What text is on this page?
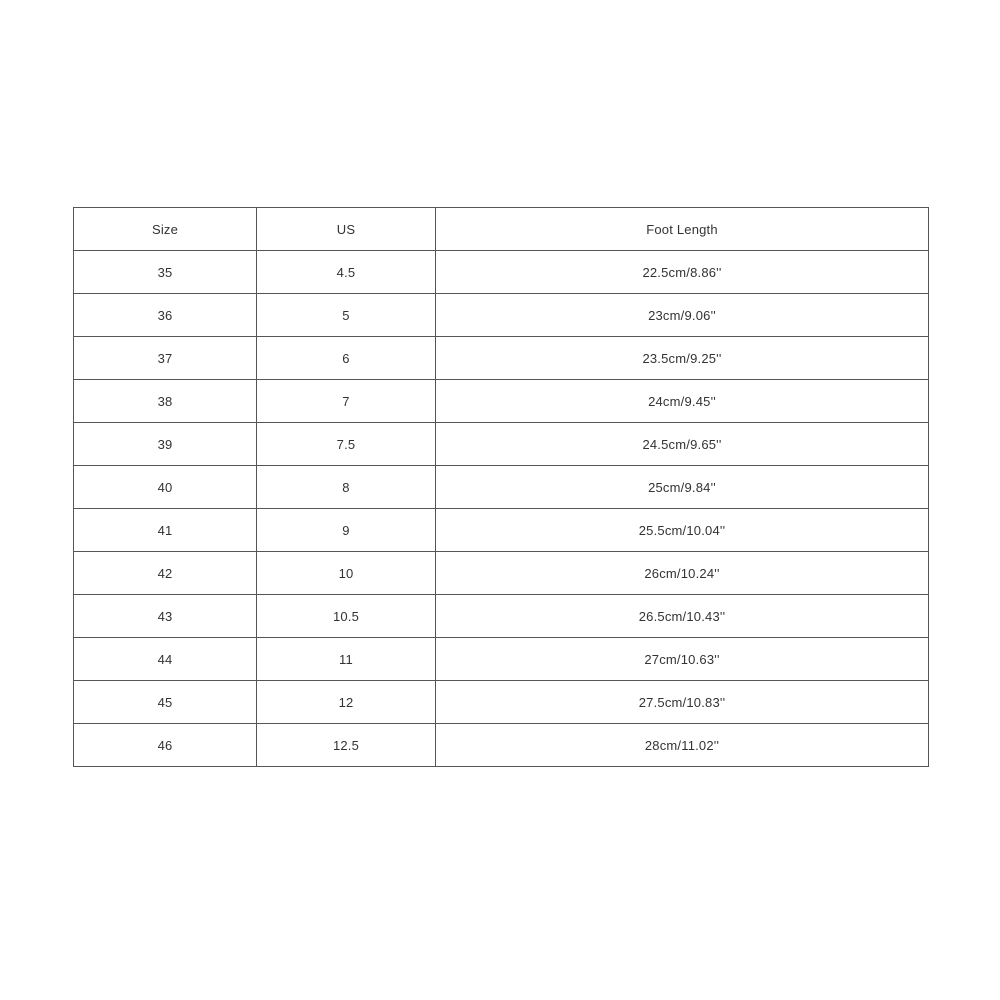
Size	US	Foot Length
35	4.5	22.5cm/8.86''
36	5	23cm/9.06''
37	6	23.5cm/9.25''
38	7	24cm/9.45''
39	7.5	24.5cm/9.65''
40	8	25cm/9.84''
41	9	25.5cm/10.04''
42	10	26cm/10.24''
43	10.5	26.5cm/10.43''
44	11	27cm/10.63''
45	12	27.5cm/10.83''
46	12.5	28cm/11.02''
